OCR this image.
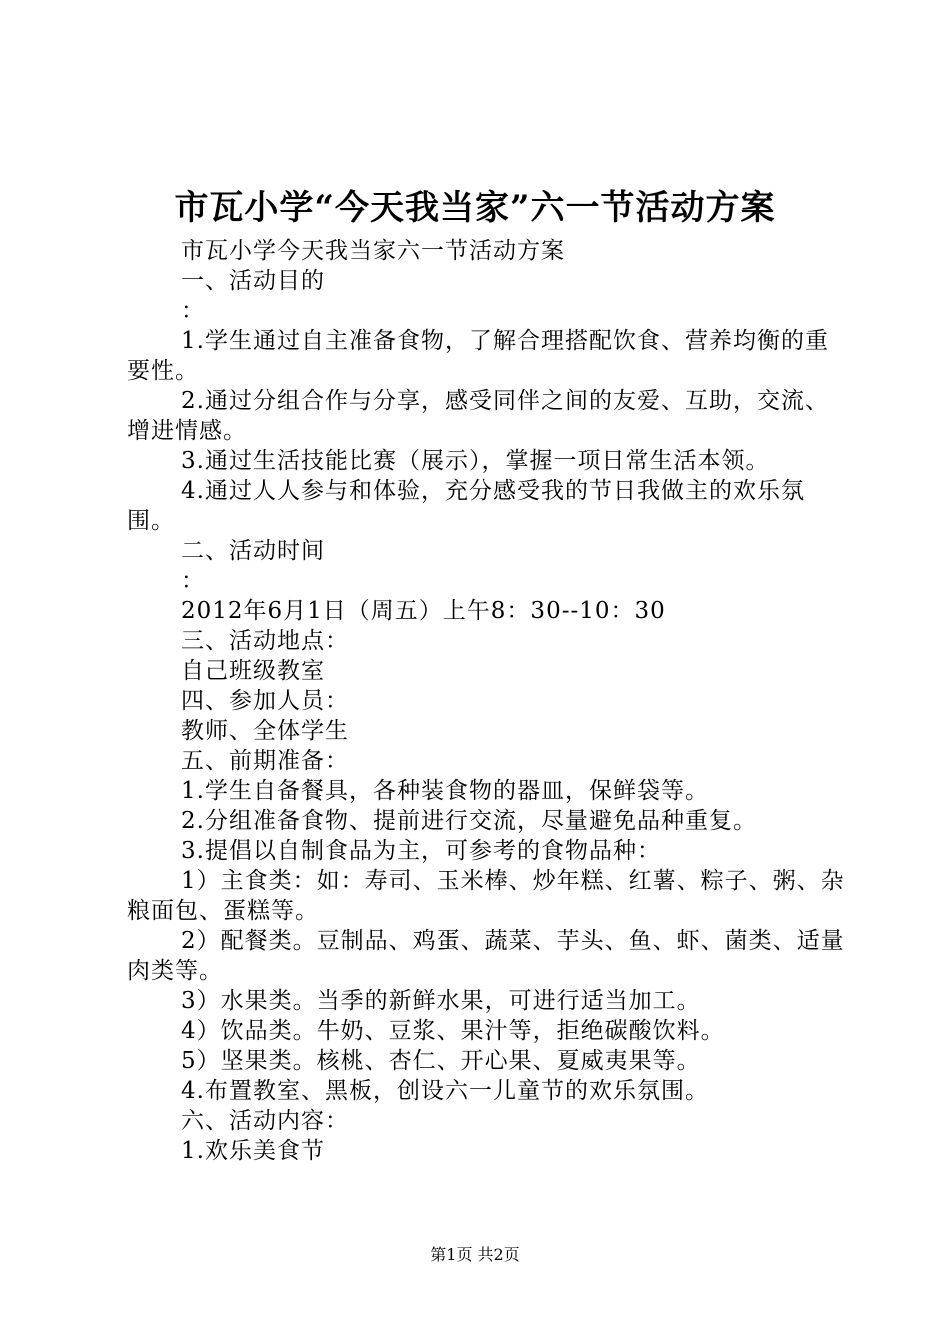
市瓦小学“今天我当家”六一节活动方案

市瓦小学今天我当家六一节活动方案

一、活动目的

：

1.学生通过自主准备食物，了解合理搭配饮食、营养均衡的重要性。

2.通过分组合作与分享，感受同伴之间的友爱、互助，交流、增进情感。

3.通过生活技能比赛（展示），掌握一项日常生活本领。

4.通过人人参与和体验，充分感受我的节日我做主的欢乐氛围。

二、活动时间

：

2012年6月1日（周五）上午8：30--10：30

三、活动地点：

自己班级教室

四、参加人员：

教师、全体学生

五、前期准备：

1.学生自备餐具，各种装食物的器皿，保鲜袋等。

2.分组准备食物、提前进行交流，尽量避免品种重复。

3.提倡以自制食品为主，可参考的食物品种：

1）主食类：如：寿司、玉米棒、炒年糕、红薯、粽子、粥、杂粮面包、蛋糕等。

2）配餐类。豆制品、鸡蛋、蔬菜、芋头、鱼、虾、菌类、适量肉类等。

3）水果类。当季的新鲜水果，可进行适当加工。

4）饮品类。牛奶、豆浆、果汁等，拒绝碳酸饮料。

5）坚果类。核桃、杏仁、开心果、夏威夷果等。

4.布置教室、黑板，创设六一儿童节的欢乐氛围。

六、活动内容：

1.欢乐美食节

第1页 共2页
